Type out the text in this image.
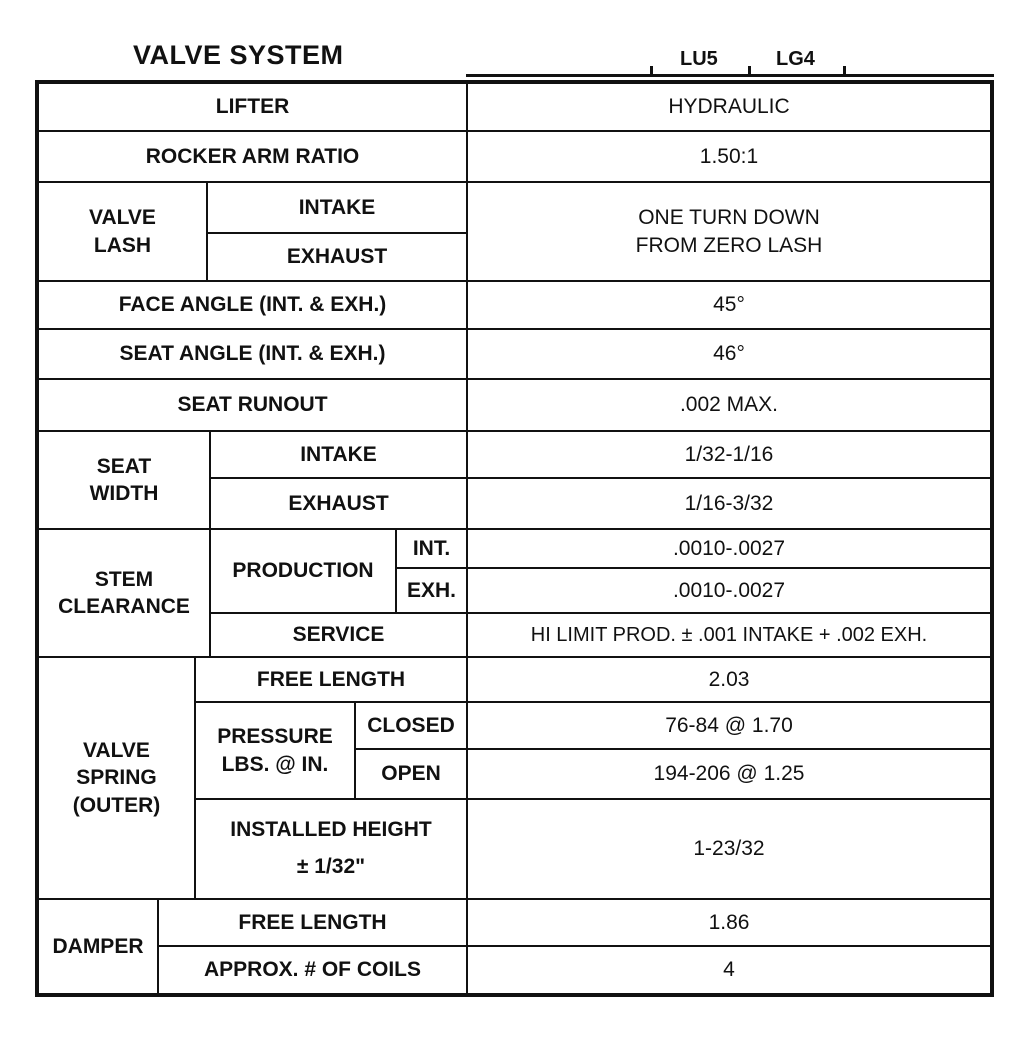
VALVE SYSTEM	LU5	LG4
LIFTER	HYDRAULIC
ROCKER ARM RATIO	1.50:1
VALVE
LASH
INTAKE
EXHAUST
ONE TURN DOWN
FROM ZERO LASH
FACE ANGLE (INT. & EXH.)	45°
SEAT ANGLE (INT. & EXH.)	46°
SEAT RUNOUT	.002 MAX.
SEAT
WIDTH
INTAKE	1/32-1/16
EXHAUST	1/16-3/32
STEM
CLEARANCE
PRODUCTION
INT.	.0010-.0027
EXH.	.0010-.0027
SERVICE	HI LIMIT PROD. ± .001 INTAKE + .002 EXH.
VALVE
SPRING
(OUTER)
FREE LENGTH	2.03
PRESSURE
LBS. @ IN.
CLOSED	76-84 @ 1.70
OPEN	194-206 @ 1.25
INSTALLED HEIGHT
± 1/32"
1-23/32
DAMPER
FREE LENGTH	1.86
APPROX. # OF COILS	4
